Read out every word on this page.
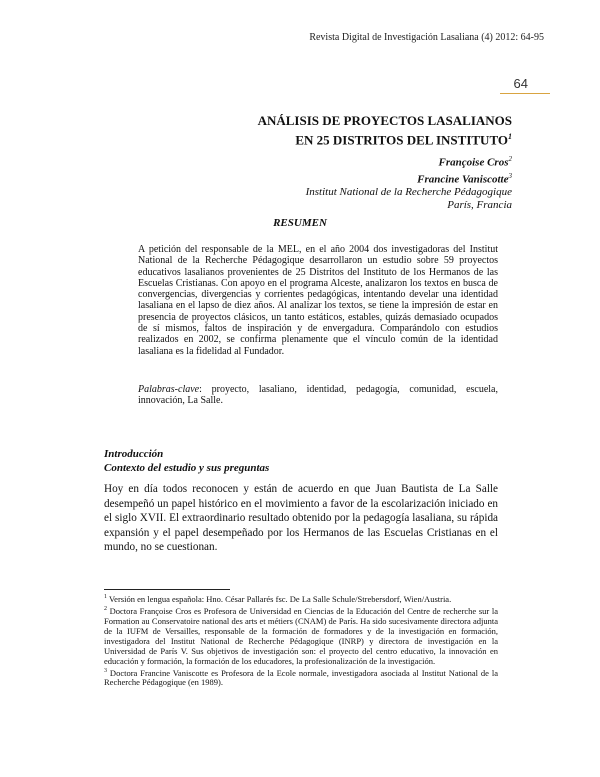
Revista Digital de Investigación Lasaliana (4) 2012: 64-95
64
ANÁLISIS DE PROYECTOS LASALIANOS
EN 25 DISTRITOS DEL INSTITUTO$^1$
Françoise Cros$^2$
Francine Vaniscotte$^3$
Institut National de la Recherche Pédagogique
París, Francia
RESUMEN

A petición del responsable de la MEL, en el año 2004 dos investigadoras del Institut National de la Recherche Pédagogique desarrollaron un estudio sobre 59 proyectos educativos lasalianos provenientes de 25 Distritos del Instituto de los Hermanos de las Escuelas Cristianas. Con apoyo en el programa Alceste, analizaron los textos en busca de convergencias, divergencias y corrientes pedagógicas, intentando develar una identidad lasaliana en el lapso de diez años. Al analizar los textos, se tiene la impresión de estar en presencia de proyectos clásicos, un tanto estáticos, estables, quizás demasiado ocupados de sí mismos, faltos de inspiración y de envergadura. Comparándolo con estudios realizados en 2002, se confirma plenamente que el vínculo común de la identidad lasaliana es la fidelidad al Fundador.

Palabras-clave: proyecto, lasaliano, identidad, pedagogía, comunidad, escuela, innovación, La Salle.
Introducción
Contexto del estudio y sus preguntas
Hoy en día todos reconocen y están de acuerdo en que Juan Bautista de La Salle desempeñó un papel histórico en el movimiento a favor de la escolarización iniciado en el siglo XVII. El extraordinario resultado obtenido por la pedagogía lasaliana, su rápida expansión y el papel desempeñado por los Hermanos de las Escuelas Cristianas en el mundo, no se cuestionan.

$^1$ Versión en lengua española: Hno. César Pallarés fsc. De La Salle Schule/Strebersdorf, Wien/Austria.

$^2$ Doctora Françoise Cros es Profesora de Universidad en Ciencias de la Educación del Centre de recherche sur la Formation au Conservatoire national des arts et métiers (CNAM) de París. Ha sido sucesivamente directora adjunta de la IUFM de Versailles, responsable de la formación de formadores y de la investigación en formación, investigadora del Institut National de Recherche Pédagogique (INRP) y directora de investigación en la Universidad de París V. Sus objetivos de investigación son: el proyecto del centro educativo, la innovación en educación y formación, la formación de los educadores, la profesionalización de la investigación.

$^3$ Doctora Francine Vaniscotte es Profesora de la Ecole normale, investigadora asociada al Institut National de la Recherche Pédagogique (en 1989).
